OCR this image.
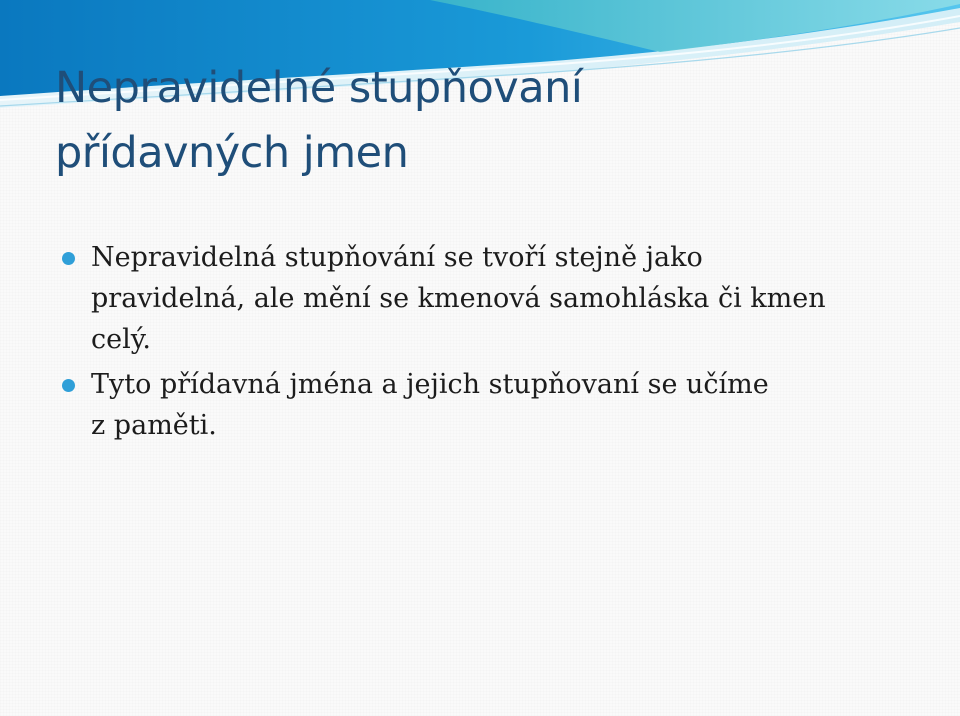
Nepravidelné stupňovaní
přídavných jmen
Nepravidelná stupňování se tvoří stejně jako
pravidelná, ale mění se kmenová samohláska či kmen
celý.
Tyto přídavná jména a jejich stupňovaní se učíme
z paměti.
